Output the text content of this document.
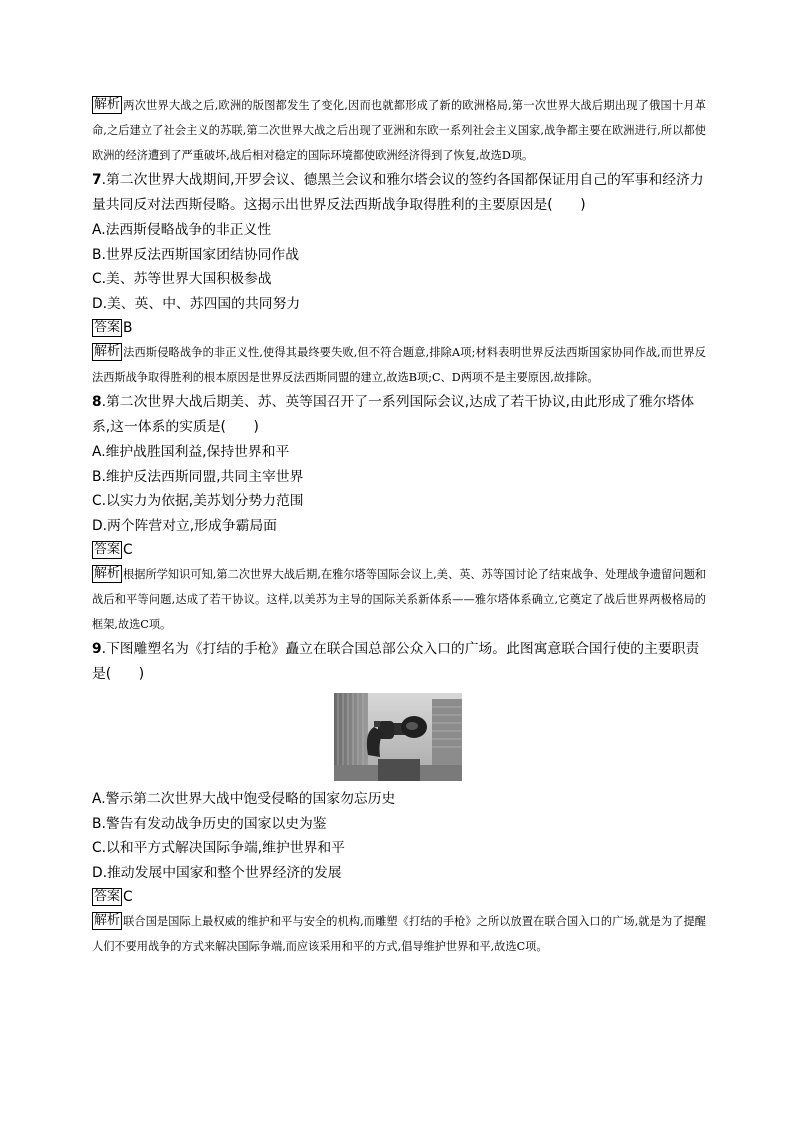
解析 两次世界大战之后,欧洲的版图都发生了变化,因而也就都形成了新的欧洲格局,第一次世界大战后期出现了俄国十月革命,之后建立了社会主义的苏联,第二次世界大战之后出现了亚洲和东欧一系列社会主义国家,战争都主要在欧洲进行,所以都使欧洲的经济遭到了严重破坏,战后相对稳定的国际环境都使欧洲经济得到了恢复,故选D项。

7.第二次世界大战期间,开罗会议、德黑兰会议和雅尔塔会议的签约各国都保证用自己的军事和经济力量共同反对法西斯侵略。这揭示出世界反法西斯战争取得胜利的主要原因是(　　)

A.法西斯侵略战争的非正义性

B.世界反法西斯国家团结协同作战

C.美、苏等世界大国积极参战

D.美、英、中、苏四国的共同努力

答案 B

解析 法西斯侵略战争的非正义性,使得其最终要失败,但不符合题意,排除A项;材料表明世界反法西斯国家协同作战,而世界反法西斯战争取得胜利的根本原因是世界反法西斯同盟的建立,故选B项;C、D两项不是主要原因,故排除。

8.第二次世界大战后期美、苏、英等国召开了一系列国际会议,达成了若干协议,由此形成了雅尔塔体系,这一体系的实质是(　　)

A.维护战胜国利益,保持世界和平

B.维护反法西斯同盟,共同主宰世界

C.以实力为依据,美苏划分势力范围

D.两个阵营对立,形成争霸局面

答案 C

解析 根据所学知识可知,第二次世界大战后期,在雅尔塔等国际会议上,美、英、苏等国讨论了结束战争、处理战争遗留问题和战后和平等问题,达成了若干协议。这样,以美苏为主导的国际关系新体系——雅尔塔体系确立,它奠定了战后世界两极格局的框架,故选C项。

9.下图雕塑名为《打结的手枪》矗立在联合国总部公众入口的广场。此图寓意联合国行使的主要职责是(　　)

A.警示第二次世界大战中饱受侵略的国家勿忘历史

B.警告有发动战争历史的国家以史为鉴

C.以和平方式解决国际争端,维护世界和平

D.推动发展中国家和整个世界经济的发展

答案 C

解析 联合国是国际上最权威的维护和平与安全的机构,而雕塑《打结的手枪》之所以放置在联合国入口的广场,就是为了提醒人们不要用战争的方式来解决国际争端,而应该采用和平的方式,倡导维护世界和平,故选C项。
